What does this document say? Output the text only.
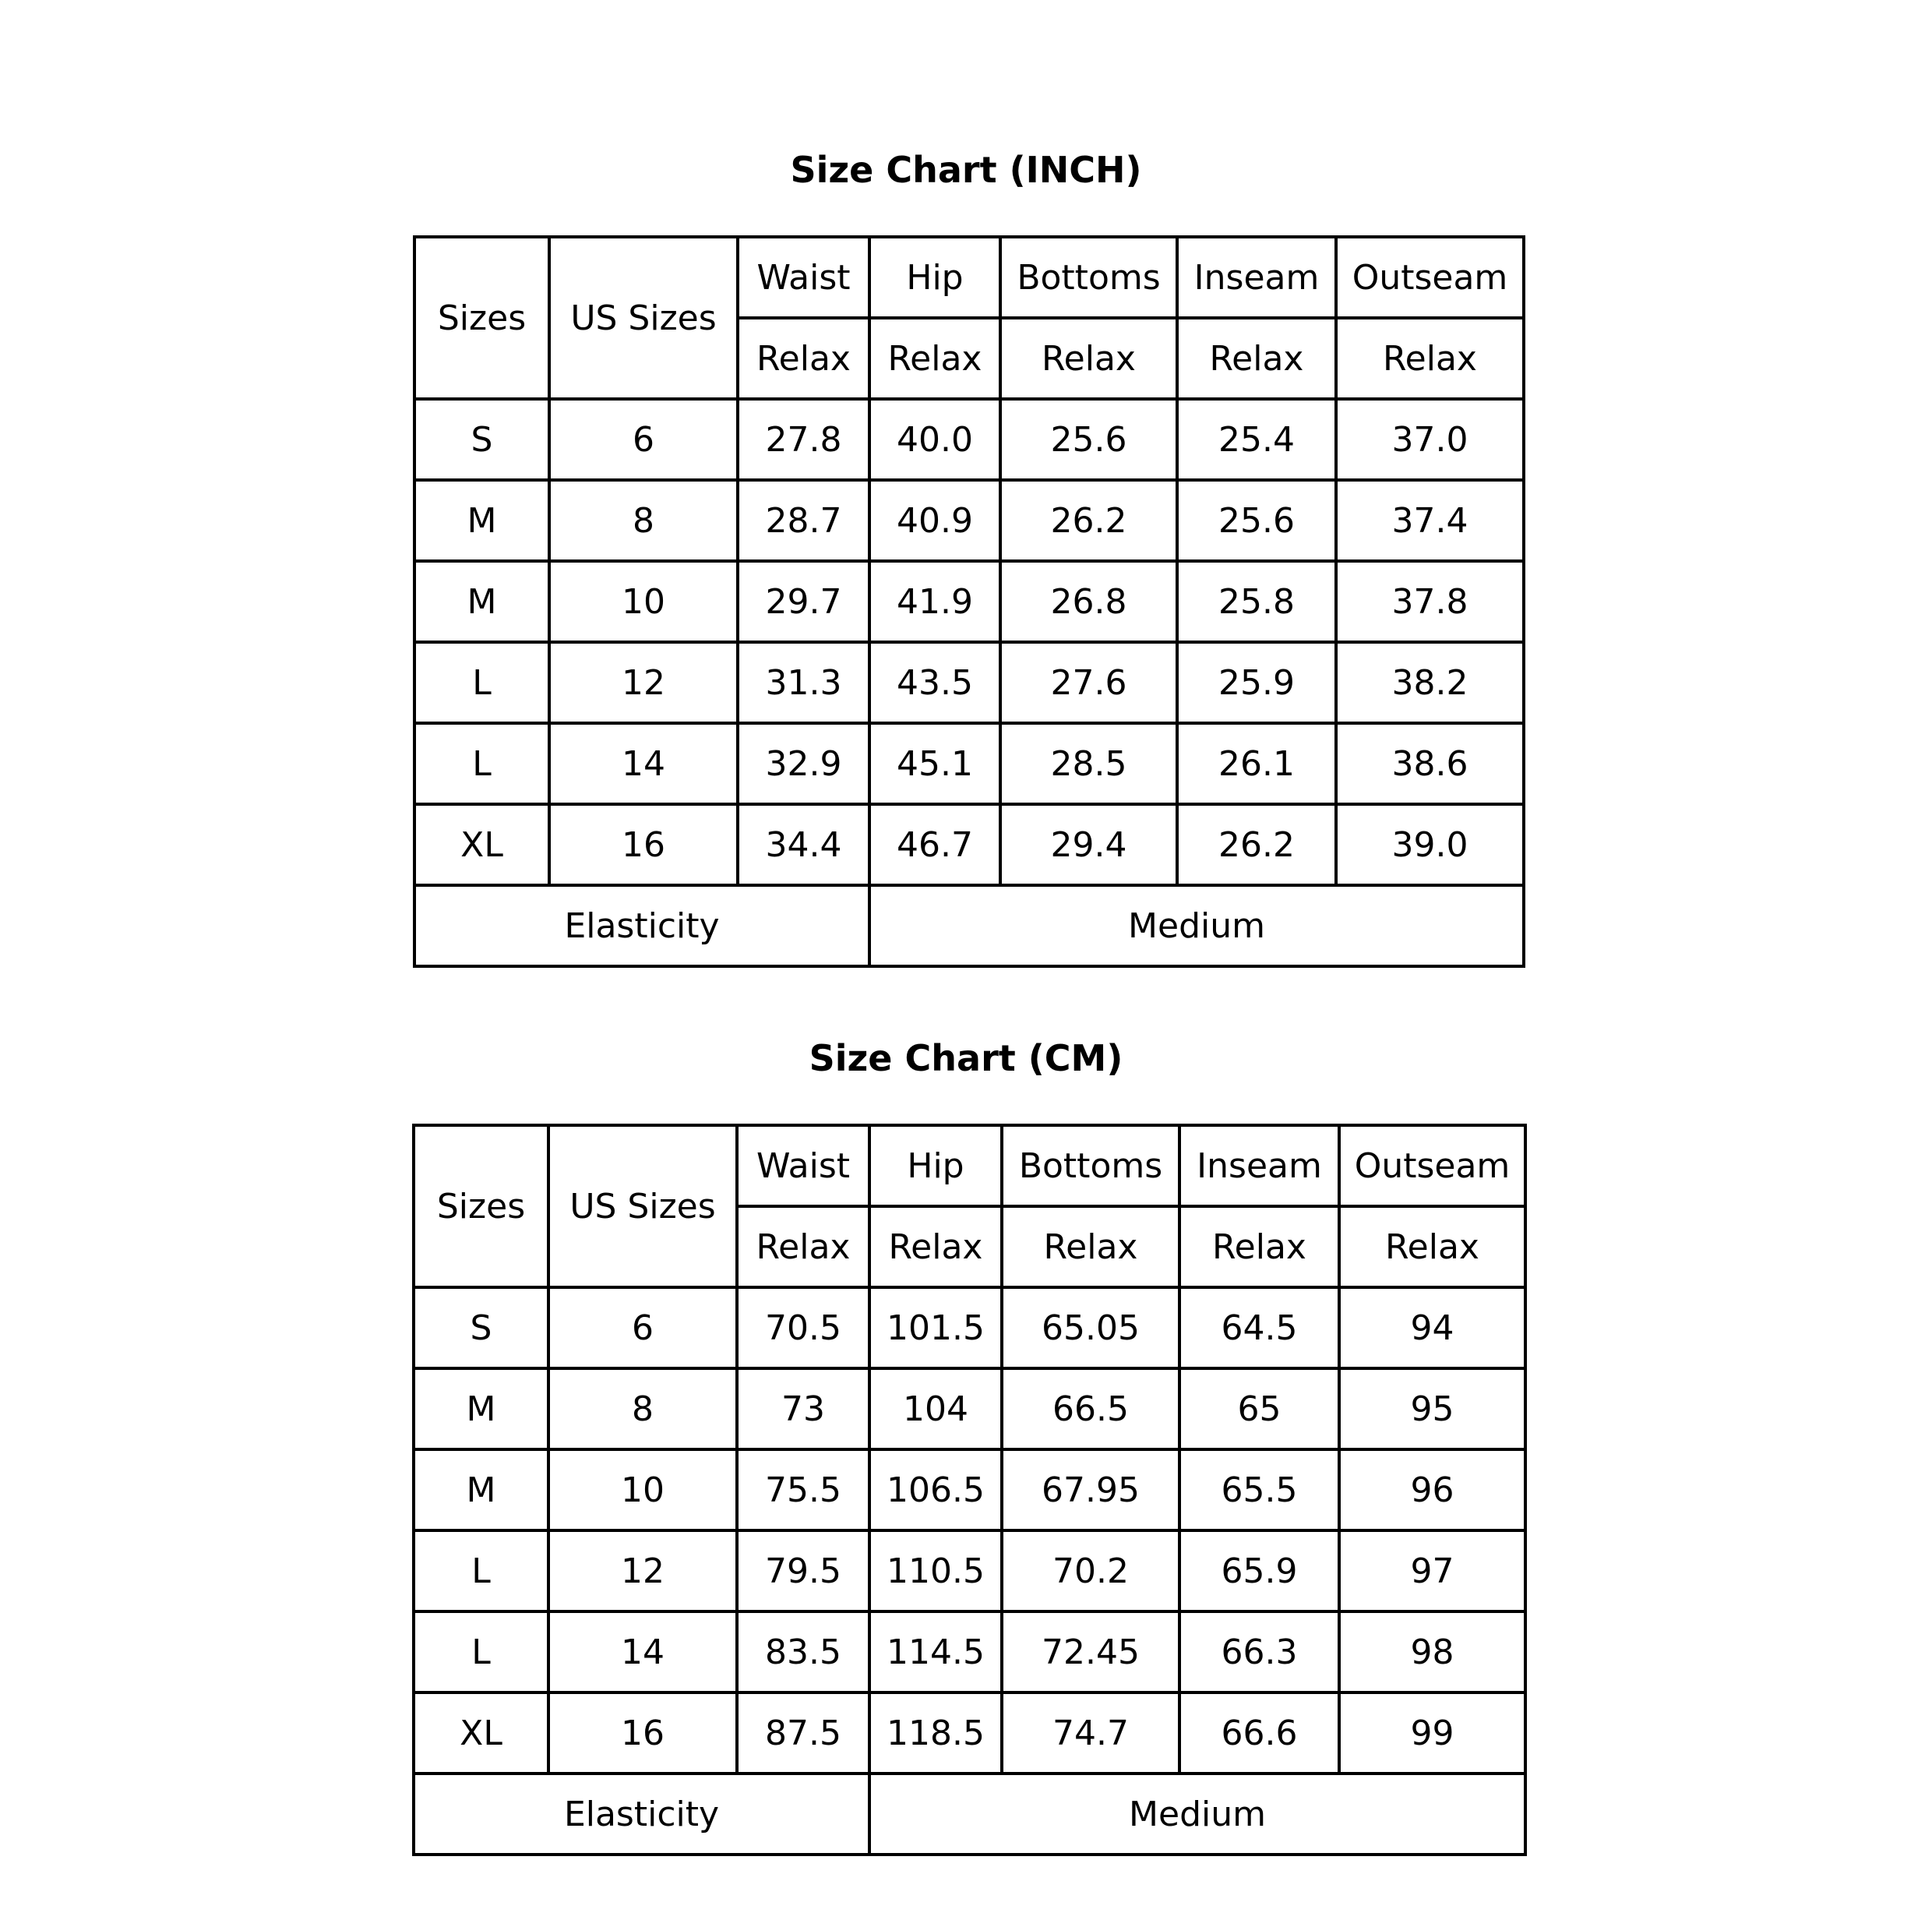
Size Chart (INCH)
Sizes	US Sizes	Waist	Hip	Bottoms	Inseam	Outseam
		Relax	Relax	Relax	Relax	Relax
S	6	27.8	40.0	25.6	25.4	37.0
M	8	28.7	40.9	26.2	25.6	37.4
M	10	29.7	41.9	26.8	25.8	37.8
L	12	31.3	43.5	27.6	25.9	38.2
L	14	32.9	45.1	28.5	26.1	38.6
XL	16	34.4	46.7	29.4	26.2	39.0
Elasticity			Medium			
Size Chart (CM)
Sizes	US Sizes	Waist	Hip	Bottoms	Inseam	Outseam
		Relax	Relax	Relax	Relax	Relax
S	6	70.5	101.5	65.05	64.5	94
M	8	73	104	66.5	65	95
M	10	75.5	106.5	67.95	65.5	96
L	12	79.5	110.5	70.2	65.9	97
L	14	83.5	114.5	72.45	66.3	98
XL	16	87.5	118.5	74.7	66.6	99
Elasticity			Medium			
